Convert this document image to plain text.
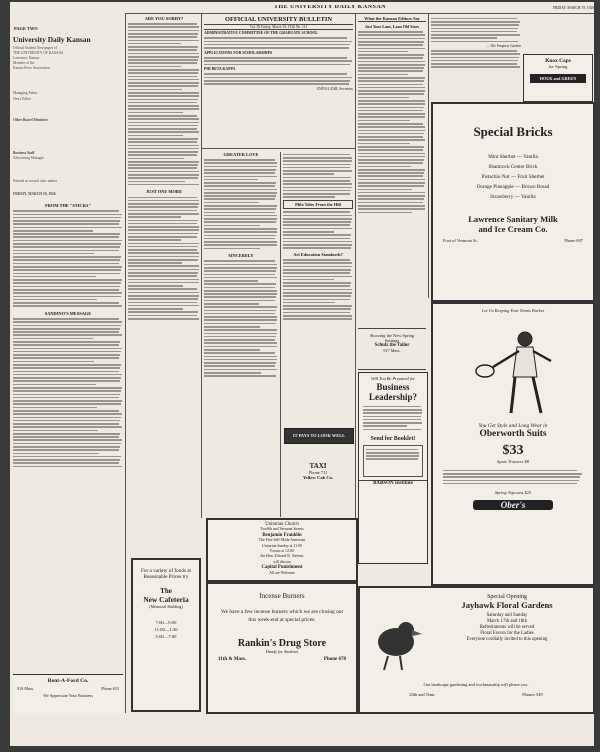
PAGE TWO
THE UNIVERSITY DAILY KANSAN	FRIDAY, MARCH 19, 1926
University Daily Kansan
Official Student Newspaper of
THE UNIVERSITY OF KANSAS
Lawrence, Kansas
Member of the
Kansas Press Association
Managing Editor
News Editor
Other Board Members
Business Staff
Advertising Manager
Entered as second class matter
FRIDAY, MARCH 19, 1926
FROM THE "STICKS"
SANDINO'S MESSAGE
Rent-A-Ford Co.
916 Mass.	Phone 653
We Appreciate Your Business
ARE YOU SORRY?
JUST ONE MORE
For a variety of foods at Reasonable Prices try
The
New Cafeteria
(Memorial Building)
7:00—9:00
11:00—1:30
5:00—7:00
OFFICIAL UNIVERSITY BULLETIN
Vol. IX Friday, March 19, 1926 No. 113
ADMINISTRATIVE COMMITTEE OF THE GRADUATE SCHOOL
APPLICATIONS FOR SCHOLARSHIPS
PHI BETA KAPPA
UNIVA LEAR, Secretary
GREATER LOVE
SINCERELY
Phlo Tales From the Hill
Art Education Standards?
IT PAYS TO LOOK WELL
TAXI
Phone 711
Yellow Cab Co.
What the Kansan Editors Say
Just Your Lane, Loan Old Stars
Showing the New Spring
Suitings
Schulz the Tailor
917 Mass.
Will You Be Prepared for
Business Leadership?
Send for Booklet!
BABSON Institute
—The Emporia Gazette
Knox Caps
for Spring
HOUK and GREEN
Special Bricks
Mint Sherbet — Vanilla
Shamrock Center Brick
Pistachio Nut — Fruit Sherbet
Orange Pineapple — Brown Bread
Strawberry — Vanilla
Lawrence Sanitary Milk
and Ice Cream Co.
Foot of Vermont St.	Phone 697
Let Us Keeping Your Tennis Racket
You Get Style and Long Wear in
Oberworth Suits
$33
Spare Trousers $8
Spring Topcoats $25
Ober's
Unitarian Church
Twelfth and Vermont Streets
Benjamin Franklin
The First Self-Made American
Unitarian Sunday at 11:00
Forum at 12:00
the Hon. Edward R. Stevens
will discuss
Capital Punishment
All are Welcome
Incense Burners
We have a few incense burners which we are closing out this week-end at special prices.
Rankin's Drug Store
Handy for Students
11th & Mass.	Phone 678
Special Opening
Jayhawk Floral Gardens
Saturday and Sunday
March 17th and 18th
Refreshments will be served
Floral Favors for the Ladies
Everyone cordially invited to this opening
Our landscape gardening and workmanship will please you.
20th and Tenn.	Phones 549
